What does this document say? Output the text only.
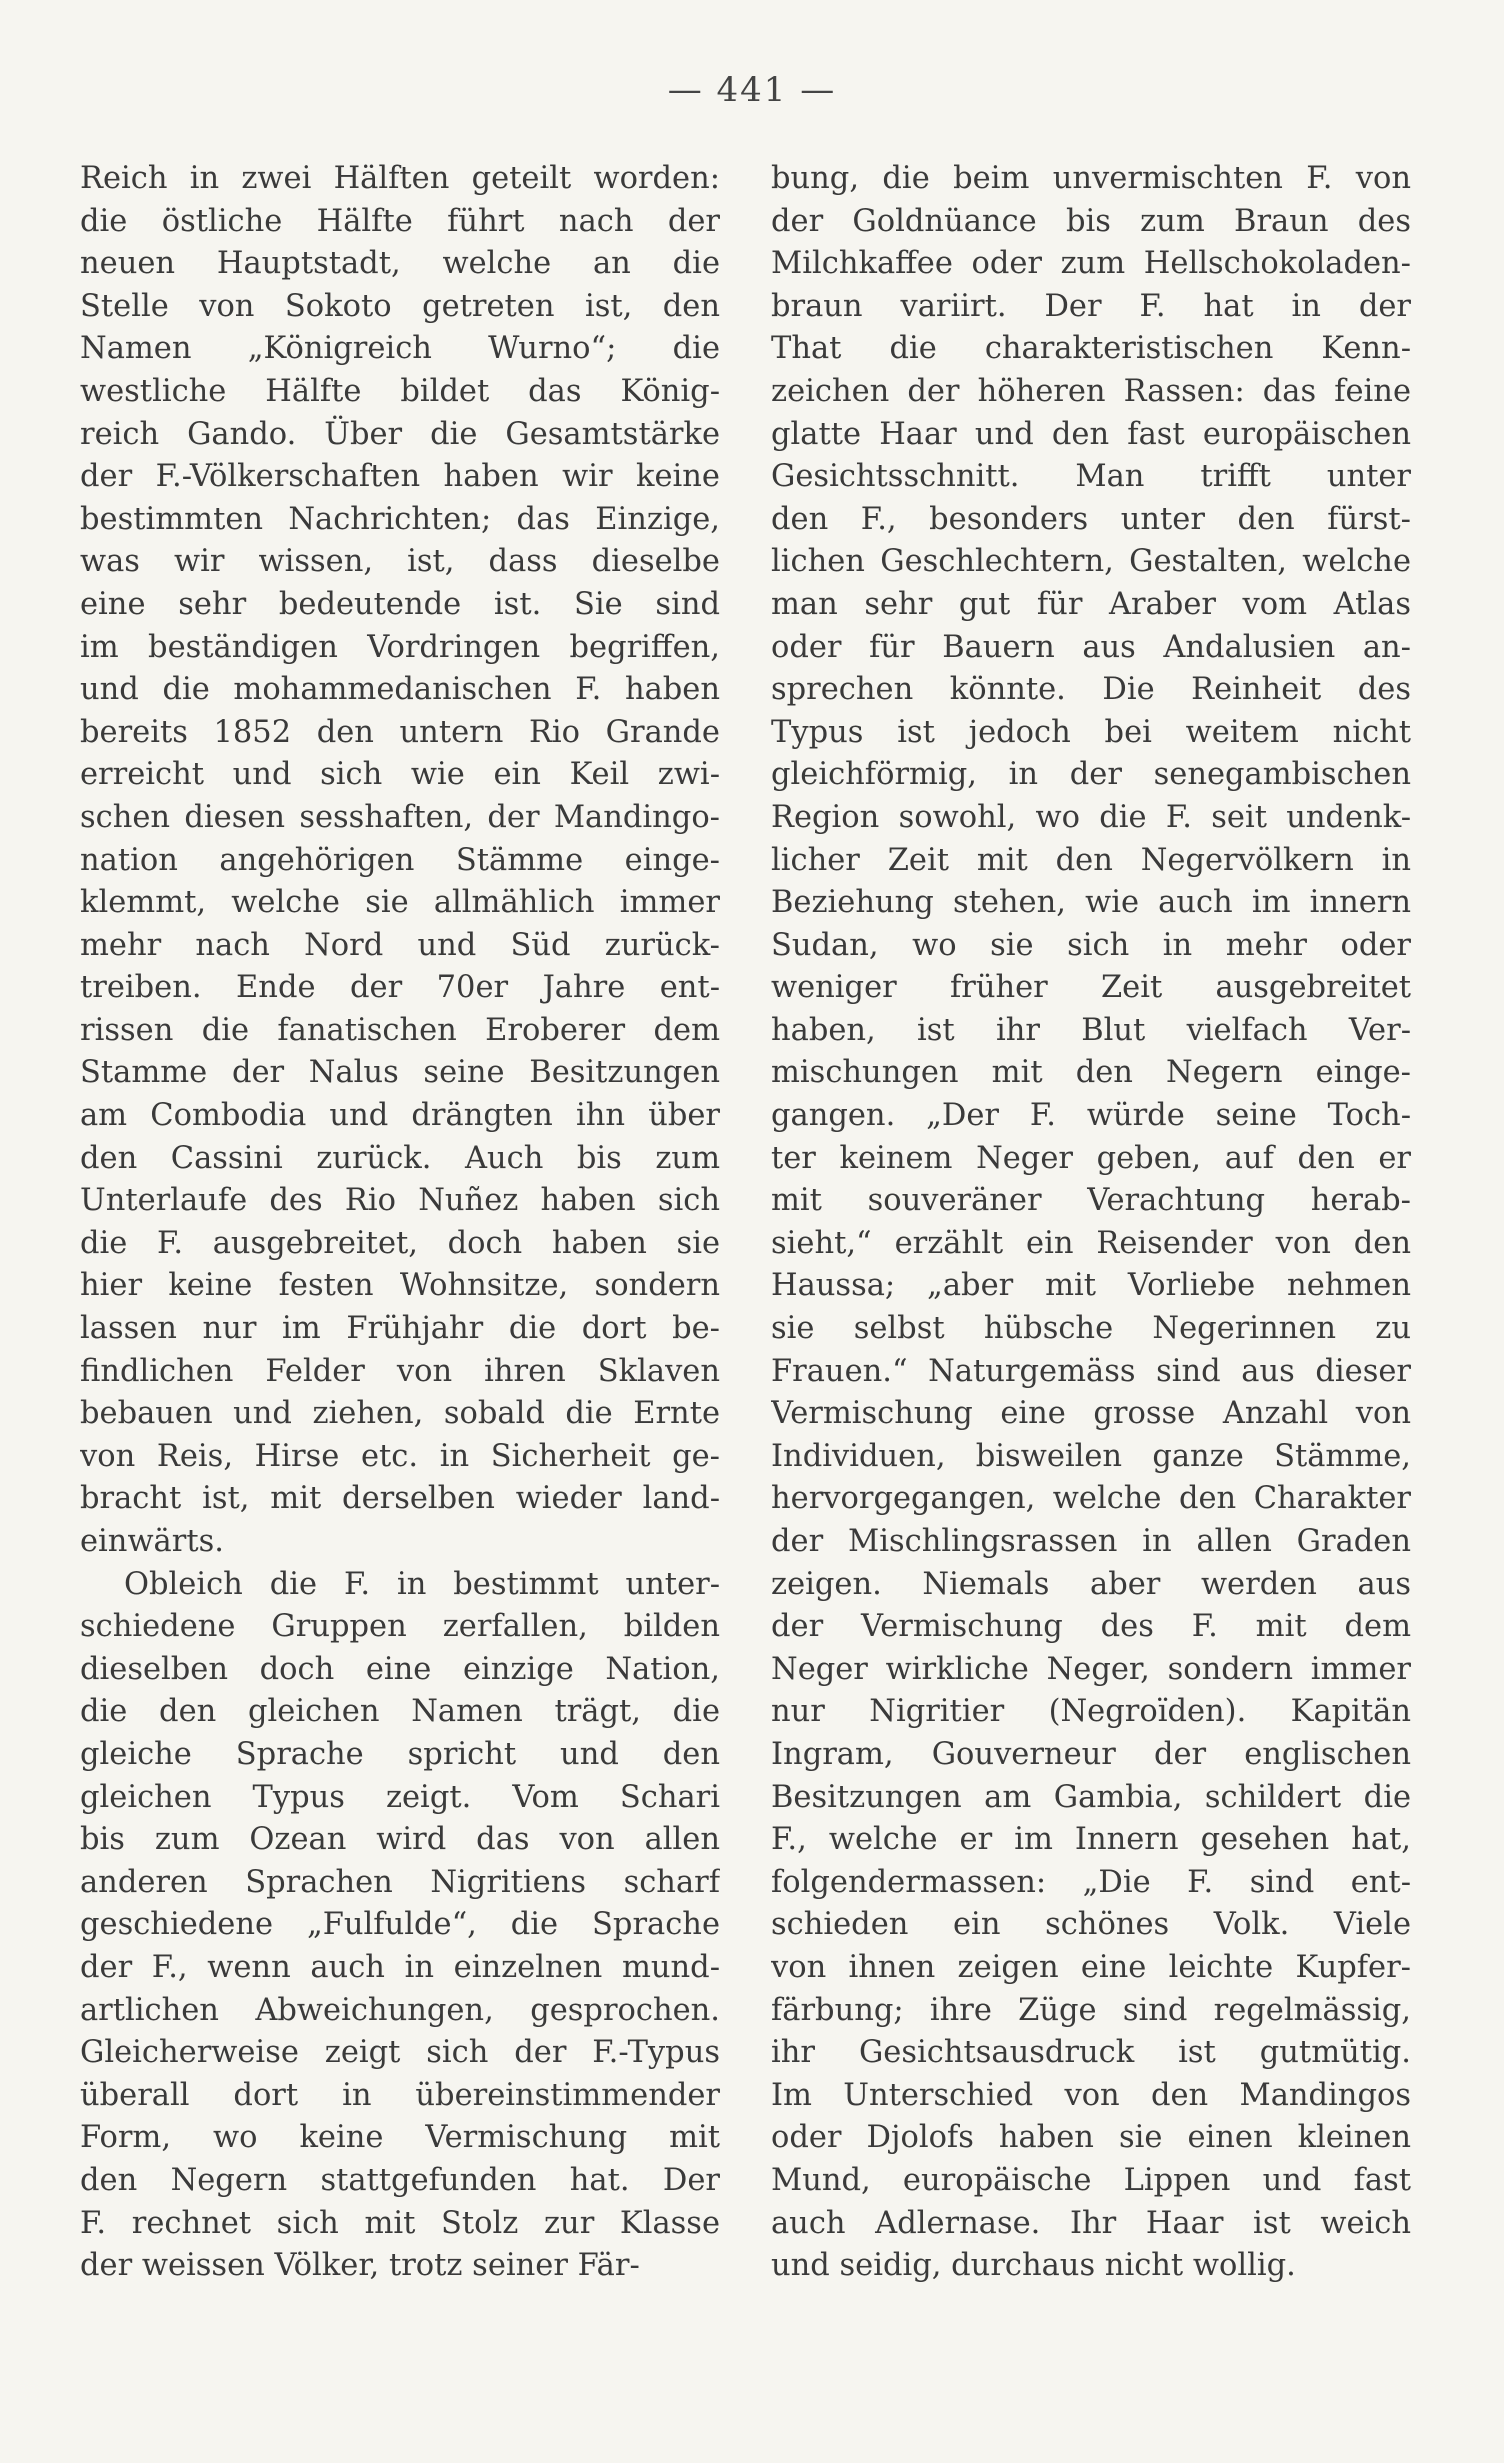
— 441 —
Reich in zwei Hälften geteilt worden:
die östliche Hälfte führt nach der
neuen Hauptstadt, welche an die
Stelle von Sokoto getreten ist, den
Namen „Königreich Wurno“; die
westliche Hälfte bildet das König-
reich Gando. Über die Gesamtstärke
der F.-Völkerschaften haben wir keine
bestimmten Nachrichten; das Einzige,
was wir wissen, ist, dass dieselbe
eine sehr bedeutende ist. Sie sind
im beständigen Vordringen begriffen,
und die mohammedanischen F. haben
bereits 1852 den untern Rio Grande
erreicht und sich wie ein Keil zwi-
schen diesen sesshaften, der Mandingo-
nation angehörigen Stämme einge-
klemmt, welche sie allmählich immer
mehr nach Nord und Süd zurück-
treiben. Ende der 70er Jahre ent-
rissen die fanatischen Eroberer dem
Stamme der Nalus seine Besitzungen
am Combodia und drängten ihn über
den Cassini zurück. Auch bis zum
Unterlaufe des Rio Nuñez haben sich
die F. ausgebreitet, doch haben sie
hier keine festen Wohnsitze, sondern
lassen nur im Frühjahr die dort be-
findlichen Felder von ihren Sklaven
bebauen und ziehen, sobald die Ernte
von Reis, Hirse etc. in Sicherheit ge-
bracht ist, mit derselben wieder land-
einwärts.
Obleich die F. in bestimmt unter-
schiedene Gruppen zerfallen, bilden
dieselben doch eine einzige Nation,
die den gleichen Namen trägt, die
gleiche Sprache spricht und den
gleichen Typus zeigt. Vom Schari
bis zum Ozean wird das von allen
anderen Sprachen Nigritiens scharf
geschiedene „Fulfulde“, die Sprache
der F., wenn auch in einzelnen mund-
artlichen Abweichungen, gesprochen.
Gleicherweise zeigt sich der F.-Typus
überall dort in übereinstimmender
Form, wo keine Vermischung mit
den Negern stattgefunden hat. Der
F. rechnet sich mit Stolz zur Klasse
der weissen Völker, trotz seiner Fär-
bung, die beim unvermischten F. von
der Goldnüance bis zum Braun des
Milchkaffee oder zum Hellschokoladen-
braun variirt. Der F. hat in der
That die charakteristischen Kenn-
zeichen der höheren Rassen: das feine
glatte Haar und den fast europäischen
Gesichtsschnitt. Man trifft unter
den F., besonders unter den fürst-
lichen Geschlechtern, Gestalten, welche
man sehr gut für Araber vom Atlas
oder für Bauern aus Andalusien an-
sprechen könnte. Die Reinheit des
Typus ist jedoch bei weitem nicht
gleichförmig, in der senegambischen
Region sowohl, wo die F. seit undenk-
licher Zeit mit den Negervölkern in
Beziehung stehen, wie auch im innern
Sudan, wo sie sich in mehr oder
weniger früher Zeit ausgebreitet
haben, ist ihr Blut vielfach Ver-
mischungen mit den Negern einge-
gangen. „Der F. würde seine Toch-
ter keinem Neger geben, auf den er
mit souveräner Verachtung herab-
sieht,“ erzählt ein Reisender von den
Haussa; „aber mit Vorliebe nehmen
sie selbst hübsche Negerinnen zu
Frauen.“ Naturgemäss sind aus dieser
Vermischung eine grosse Anzahl von
Individuen, bisweilen ganze Stämme,
hervorgegangen, welche den Charakter
der Mischlingsrassen in allen Graden
zeigen. Niemals aber werden aus
der Vermischung des F. mit dem
Neger wirkliche Neger, sondern immer
nur Nigritier (Negroïden). Kapitän
Ingram, Gouverneur der englischen
Besitzungen am Gambia, schildert die
F., welche er im Innern gesehen hat,
folgendermassen: „Die F. sind ent-
schieden ein schönes Volk. Viele
von ihnen zeigen eine leichte Kupfer-
färbung; ihre Züge sind regelmässig,
ihr Gesichtsausdruck ist gutmütig.
Im Unterschied von den Mandingos
oder Djolofs haben sie einen kleinen
Mund, europäische Lippen und fast
auch Adlernase. Ihr Haar ist weich
und seidig, durchaus nicht wollig.
